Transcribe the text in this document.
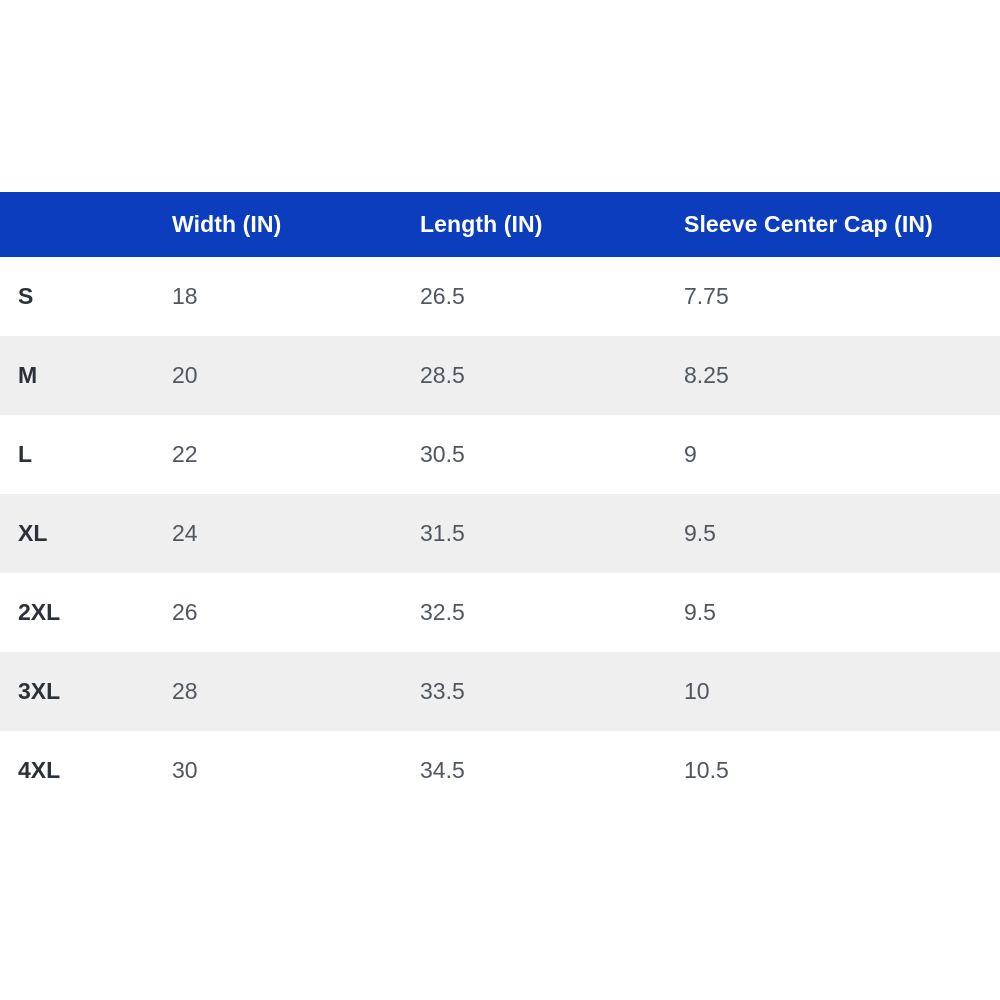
	Width (IN)	Length (IN)	Sleeve Center Cap (IN)
S	18	26.5	7.75
M	20	28.5	8.25
L	22	30.5	9
XL	24	31.5	9.5
2XL	26	32.5	9.5
3XL	28	33.5	10
4XL	30	34.5	10.5
